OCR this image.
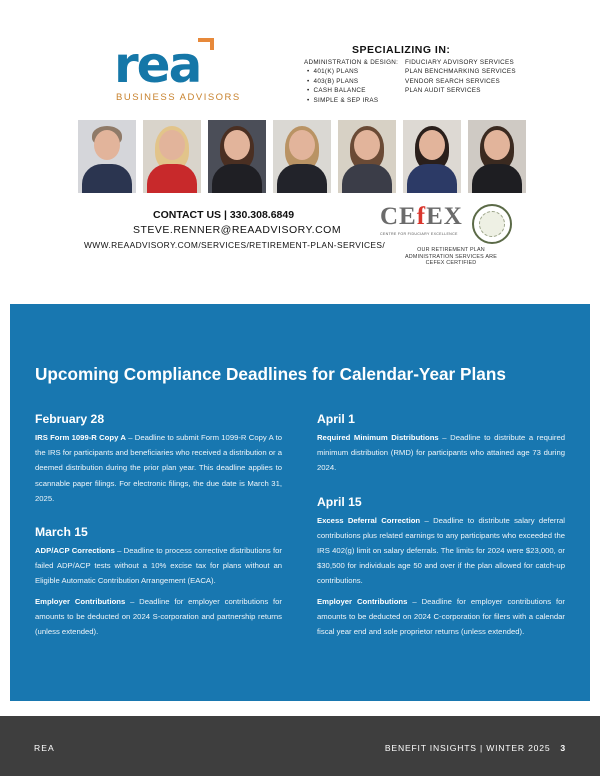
rea
BUSINESS ADVISORS
SPECIALIZING IN:
ADMINISTRATION & DESIGN:
• 401(K) PLANS
• 403(B) PLANS
• CASH BALANCE
• SIMPLE & SEP IRAS
FIDUCIARY ADVISORY SERVICES
PLAN BENCHMARKING SERVICES
VENDOR SEARCH SERVICES
PLAN AUDIT SERVICES
CONTACT US | 330.308.6849
STEVE.RENNER@REAADVISORY.COM
WWW.REAADVISORY.COM/SERVICES/RETIREMENT-PLAN-SERVICES/
CEfEX
CENTRE FOR FIDUCIARY EXCELLENCE
OUR RETIREMENT PLAN ADMINISTRATION SERVICES ARE CEFEX CERTIFIED
Upcoming Compliance Deadlines for Calendar-Year Plans
February 28

IRS Form 1099-R Copy A – Deadline to submit Form 1099-R Copy A to the IRS for participants and beneficiaries who received a distribution or a deemed distribution during the prior plan year. This deadline applies to scannable paper filings. For electronic filings, the due date is March 31, 2025.

March 15

ADP/ACP Corrections – Deadline to process corrective distributions for failed ADP/ACP tests without a 10% excise tax for plans without an Eligible Automatic Contribution Arrangement (EACA).

Employer Contributions – Deadline for employer contributions for amounts to be deducted on 2024 S-corporation and partnership returns (unless extended).

April 1

Required Minimum Distributions – Deadline to distribute a required minimum distribution (RMD) for participants who attained age 73 during 2024.

April 15

Excess Deferral Correction – Deadline to distribute salary deferral contributions plus related earnings to any participants who exceeded the IRS 402(g) limit on salary deferrals. The limits for 2024 were $23,000, or $30,500 for individuals age 50 and over if the plan allowed for catch-up contributions.

Employer Contributions – Deadline for employer contributions for amounts to be deducted on 2024 C-corporation for filers with a calendar fiscal year end and sole proprietor returns (unless extended).

REA	BENEFIT INSIGHTS | WINTER 2025 3
